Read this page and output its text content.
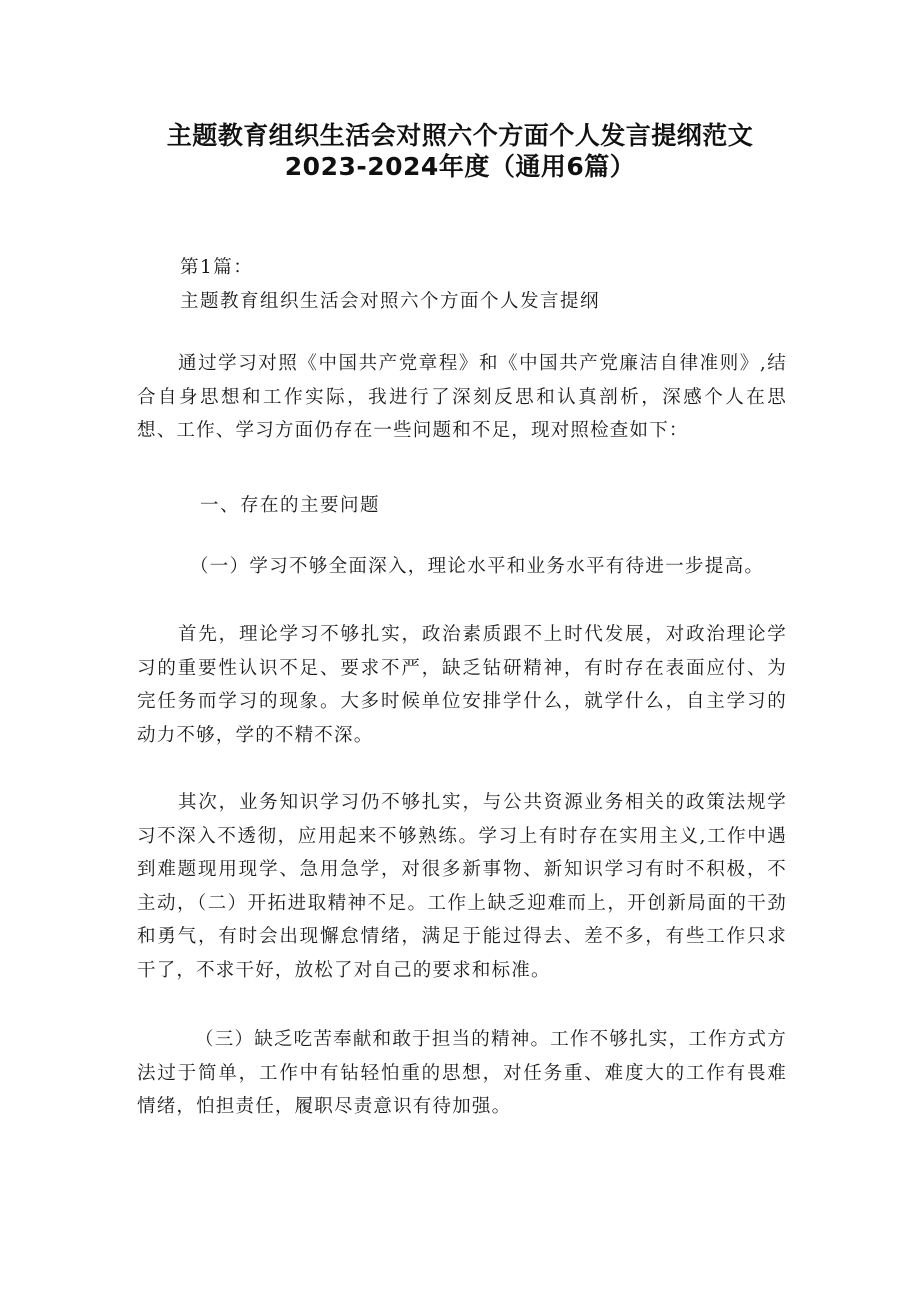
主题教育组织生活会对照六个方面个人发言提纲范文
2023-2024年度（通用6篇）

第1篇：

主题教育组织生活会对照六个方面个人发言提纲

通过学习对照《中国共产党章程》和《中国共产党廉洁自律准则》,结合自身思想和工作实际，我进行了深刻反思和认真剖析，深感个人在思想、工作、学习方面仍存在一些问题和不足，现对照检查如下：

一、存在的主要问题

（一）学习不够全面深入，理论水平和业务水平有待进一步提高。

首先，理论学习不够扎实，政治素质跟不上时代发展，对政治理论学习的重要性认识不足、要求不严，缺乏钻研精神，有时存在表面应付、为完任务而学习的现象。大多时候单位安排学什么，就学什么，自主学习的动力不够，学的不精不深。

其次，业务知识学习仍不够扎实，与公共资源业务相关的政策法规学习不深入不透彻，应用起来不够熟练。学习上有时存在实用主义,工作中遇到难题现用现学、急用急学，对很多新事物、新知识学习有时不积极，不主动，（二）开拓进取精神不足。工作上缺乏迎难而上，开创新局面的干劲和勇气，有时会出现懈怠情绪，满足于能过得去、差不多，有些工作只求干了，不求干好，放松了对自己的要求和标准。

（三）缺乏吃苦奉献和敢于担当的精神。工作不够扎实，工作方式方法过于简单，工作中有钻轻怕重的思想，对任务重、难度大的工作有畏难情绪，怕担责任，履职尽责意识有待加强。
